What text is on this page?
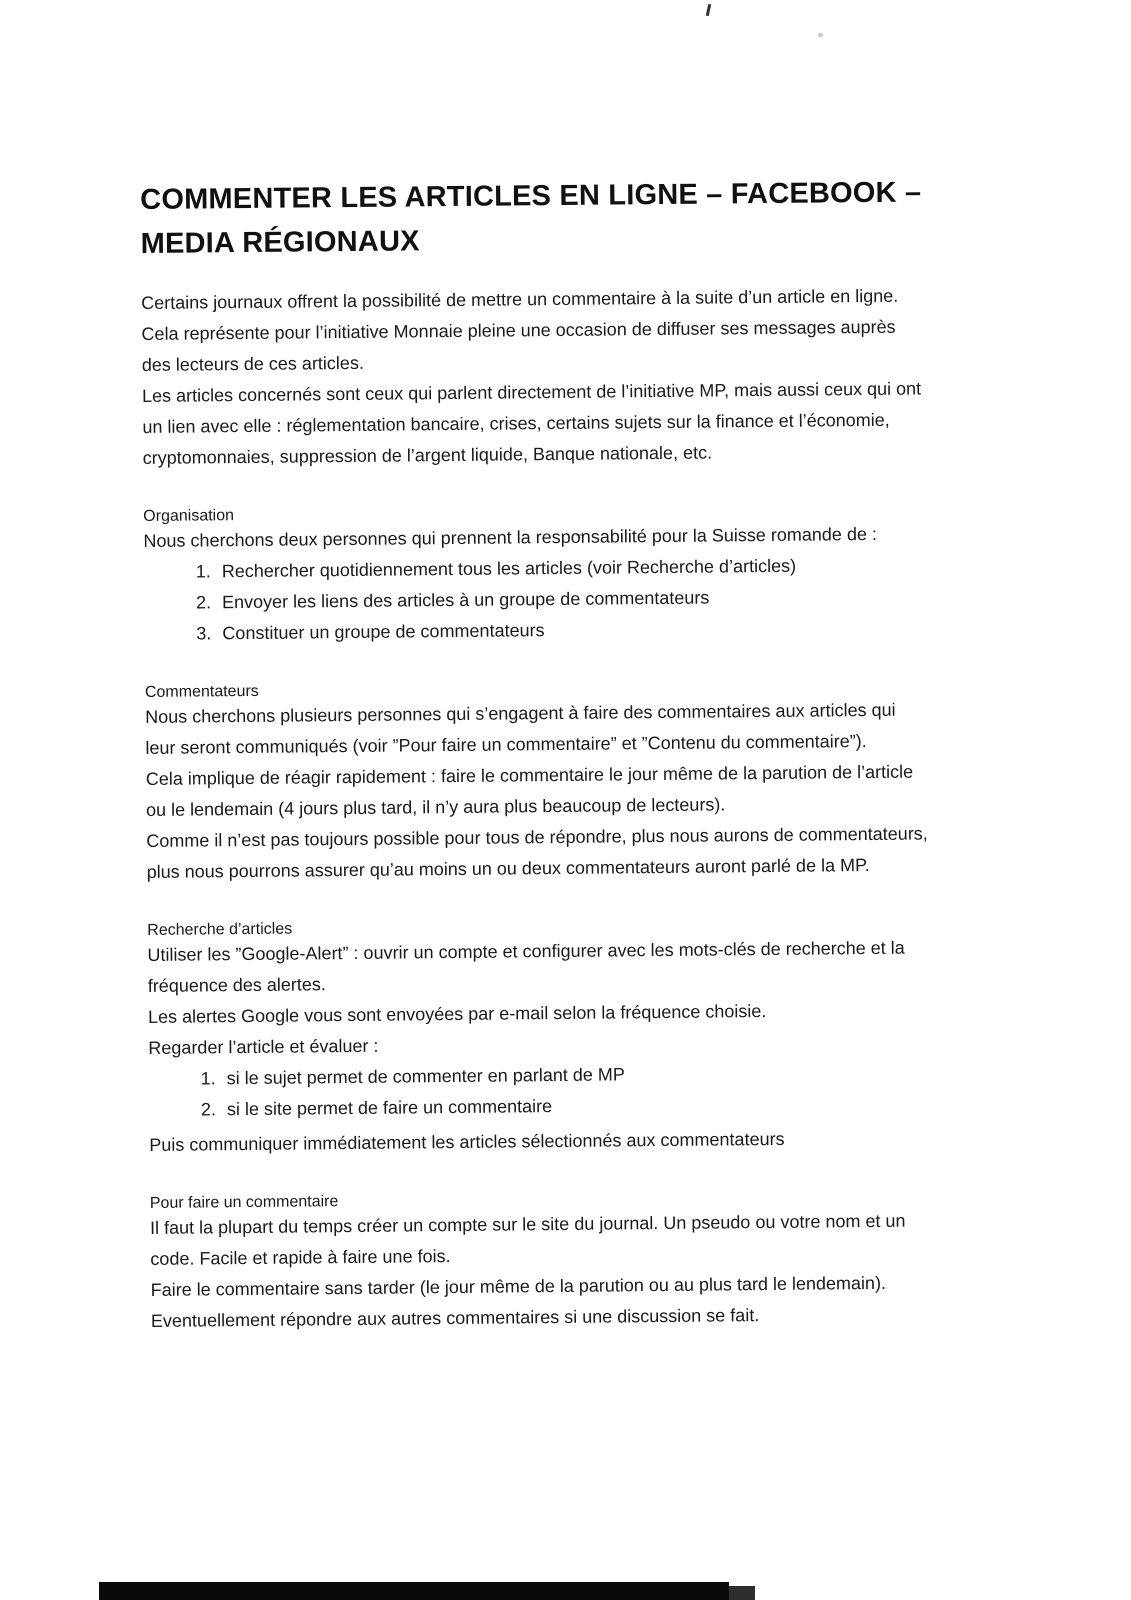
COMMENTER LES ARTICLES EN LIGNE – FACEBOOK –
MEDIA RÉGIONAUX

Certains journaux offrent la possibilité de mettre un commentaire à la suite d’un article en ligne.

Cela représente pour l’initiative Monnaie pleine une occasion de diffuser ses messages auprès des lecteurs de ces articles.

Les articles concernés sont ceux qui parlent directement de l’initiative MP, mais aussi ceux qui ont un lien avec elle : réglementation bancaire, crises, certains sujets sur la finance et l’économie, cryptomonnaies, suppression de l’argent liquide, Banque nationale, etc.

Organisation

Nous cherchons deux personnes qui prennent la responsabilité pour la Suisse romande de :

1. Rechercher quotidiennement tous les articles (voir Recherche d’articles)
2. Envoyer les liens des articles à un groupe de commentateurs
3. Constituer un groupe de commentateurs
Commentateurs

Nous cherchons plusieurs personnes qui s’engagent à faire des commentaires aux articles qui leur seront communiqués (voir ”Pour faire un commentaire” et ”Contenu du commentaire”).

Cela implique de réagir rapidement : faire le commentaire le jour même de la parution de l’article ou le lendemain (4 jours plus tard, il n’y aura plus beaucoup de lecteurs).

Comme il n’est pas toujours possible pour tous de répondre, plus nous aurons de commentateurs, plus nous pourrons assurer qu’au moins un ou deux commentateurs auront parlé de la MP.

Recherche d’articles

Utiliser les ”Google-Alert” : ouvrir un compte et configurer avec les mots-clés de recherche et la fréquence des alertes.

Les alertes Google vous sont envoyées par e-mail selon la fréquence choisie.

Regarder l’article et évaluer :

1. si le sujet permet de commenter en parlant de MP
2. si le site permet de faire un commentaire

Puis communiquer immédiatement les articles sélectionnés aux commentateurs

Pour faire un commentaire

Il faut la plupart du temps créer un compte sur le site du journal. Un pseudo ou votre nom et un code. Facile et rapide à faire une fois.

Faire le commentaire sans tarder (le jour même de la parution ou au plus tard le lendemain).

Eventuellement répondre aux autres commentaires si une discussion se fait.
